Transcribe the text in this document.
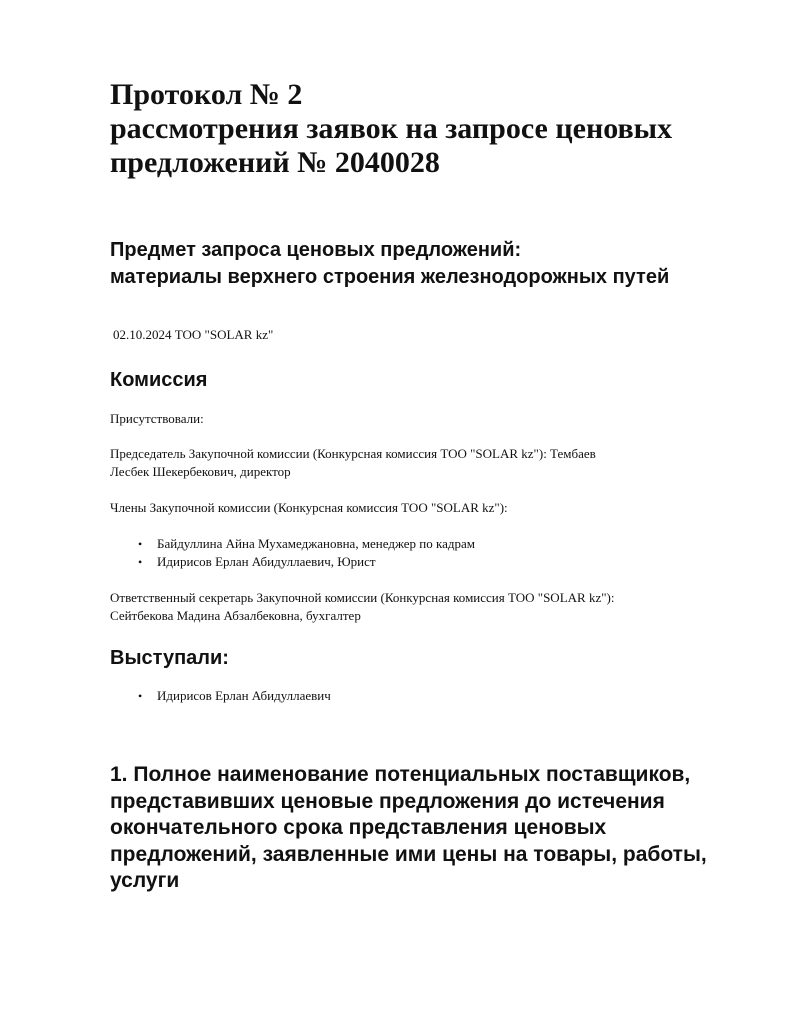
Протокол № 2
рассмотрения заявок на запросе ценовых
предложений № 2040028
Предмет запроса ценовых предложений:
материалы верхнего строения железнодорожных путей

02.10.2024 ТОО "SOLAR kz"

Комиссия

Присутствовали:

Председатель Закупочной комиссии (Конкурсная комиссия ТОО "SOLAR kz"): Тембаев
Лесбек Шекербекович, директор

Члены Закупочной комиссии (Конкурсная комиссия ТОО "SOLAR kz"):

• Байдуллина Айна Мухамеджановна, менеджер по кадрам
• Идирисов Ерлан Абидуллаевич, Юрист

Ответственный секретарь Закупочной комиссии (Конкурсная комиссия ТОО "SOLAR kz"):
Сейтбекова Мадина Абзалбековна, бухгалтер

Выступали:
• Идирисов Ерлан Абидуллаевич
1. Полное наименование потенциальных поставщиков,
представивших ценовые предложения до истечения
окончательного срока представления ценовых
предложений, заявленные ими цены на товары, работы,
услуги
